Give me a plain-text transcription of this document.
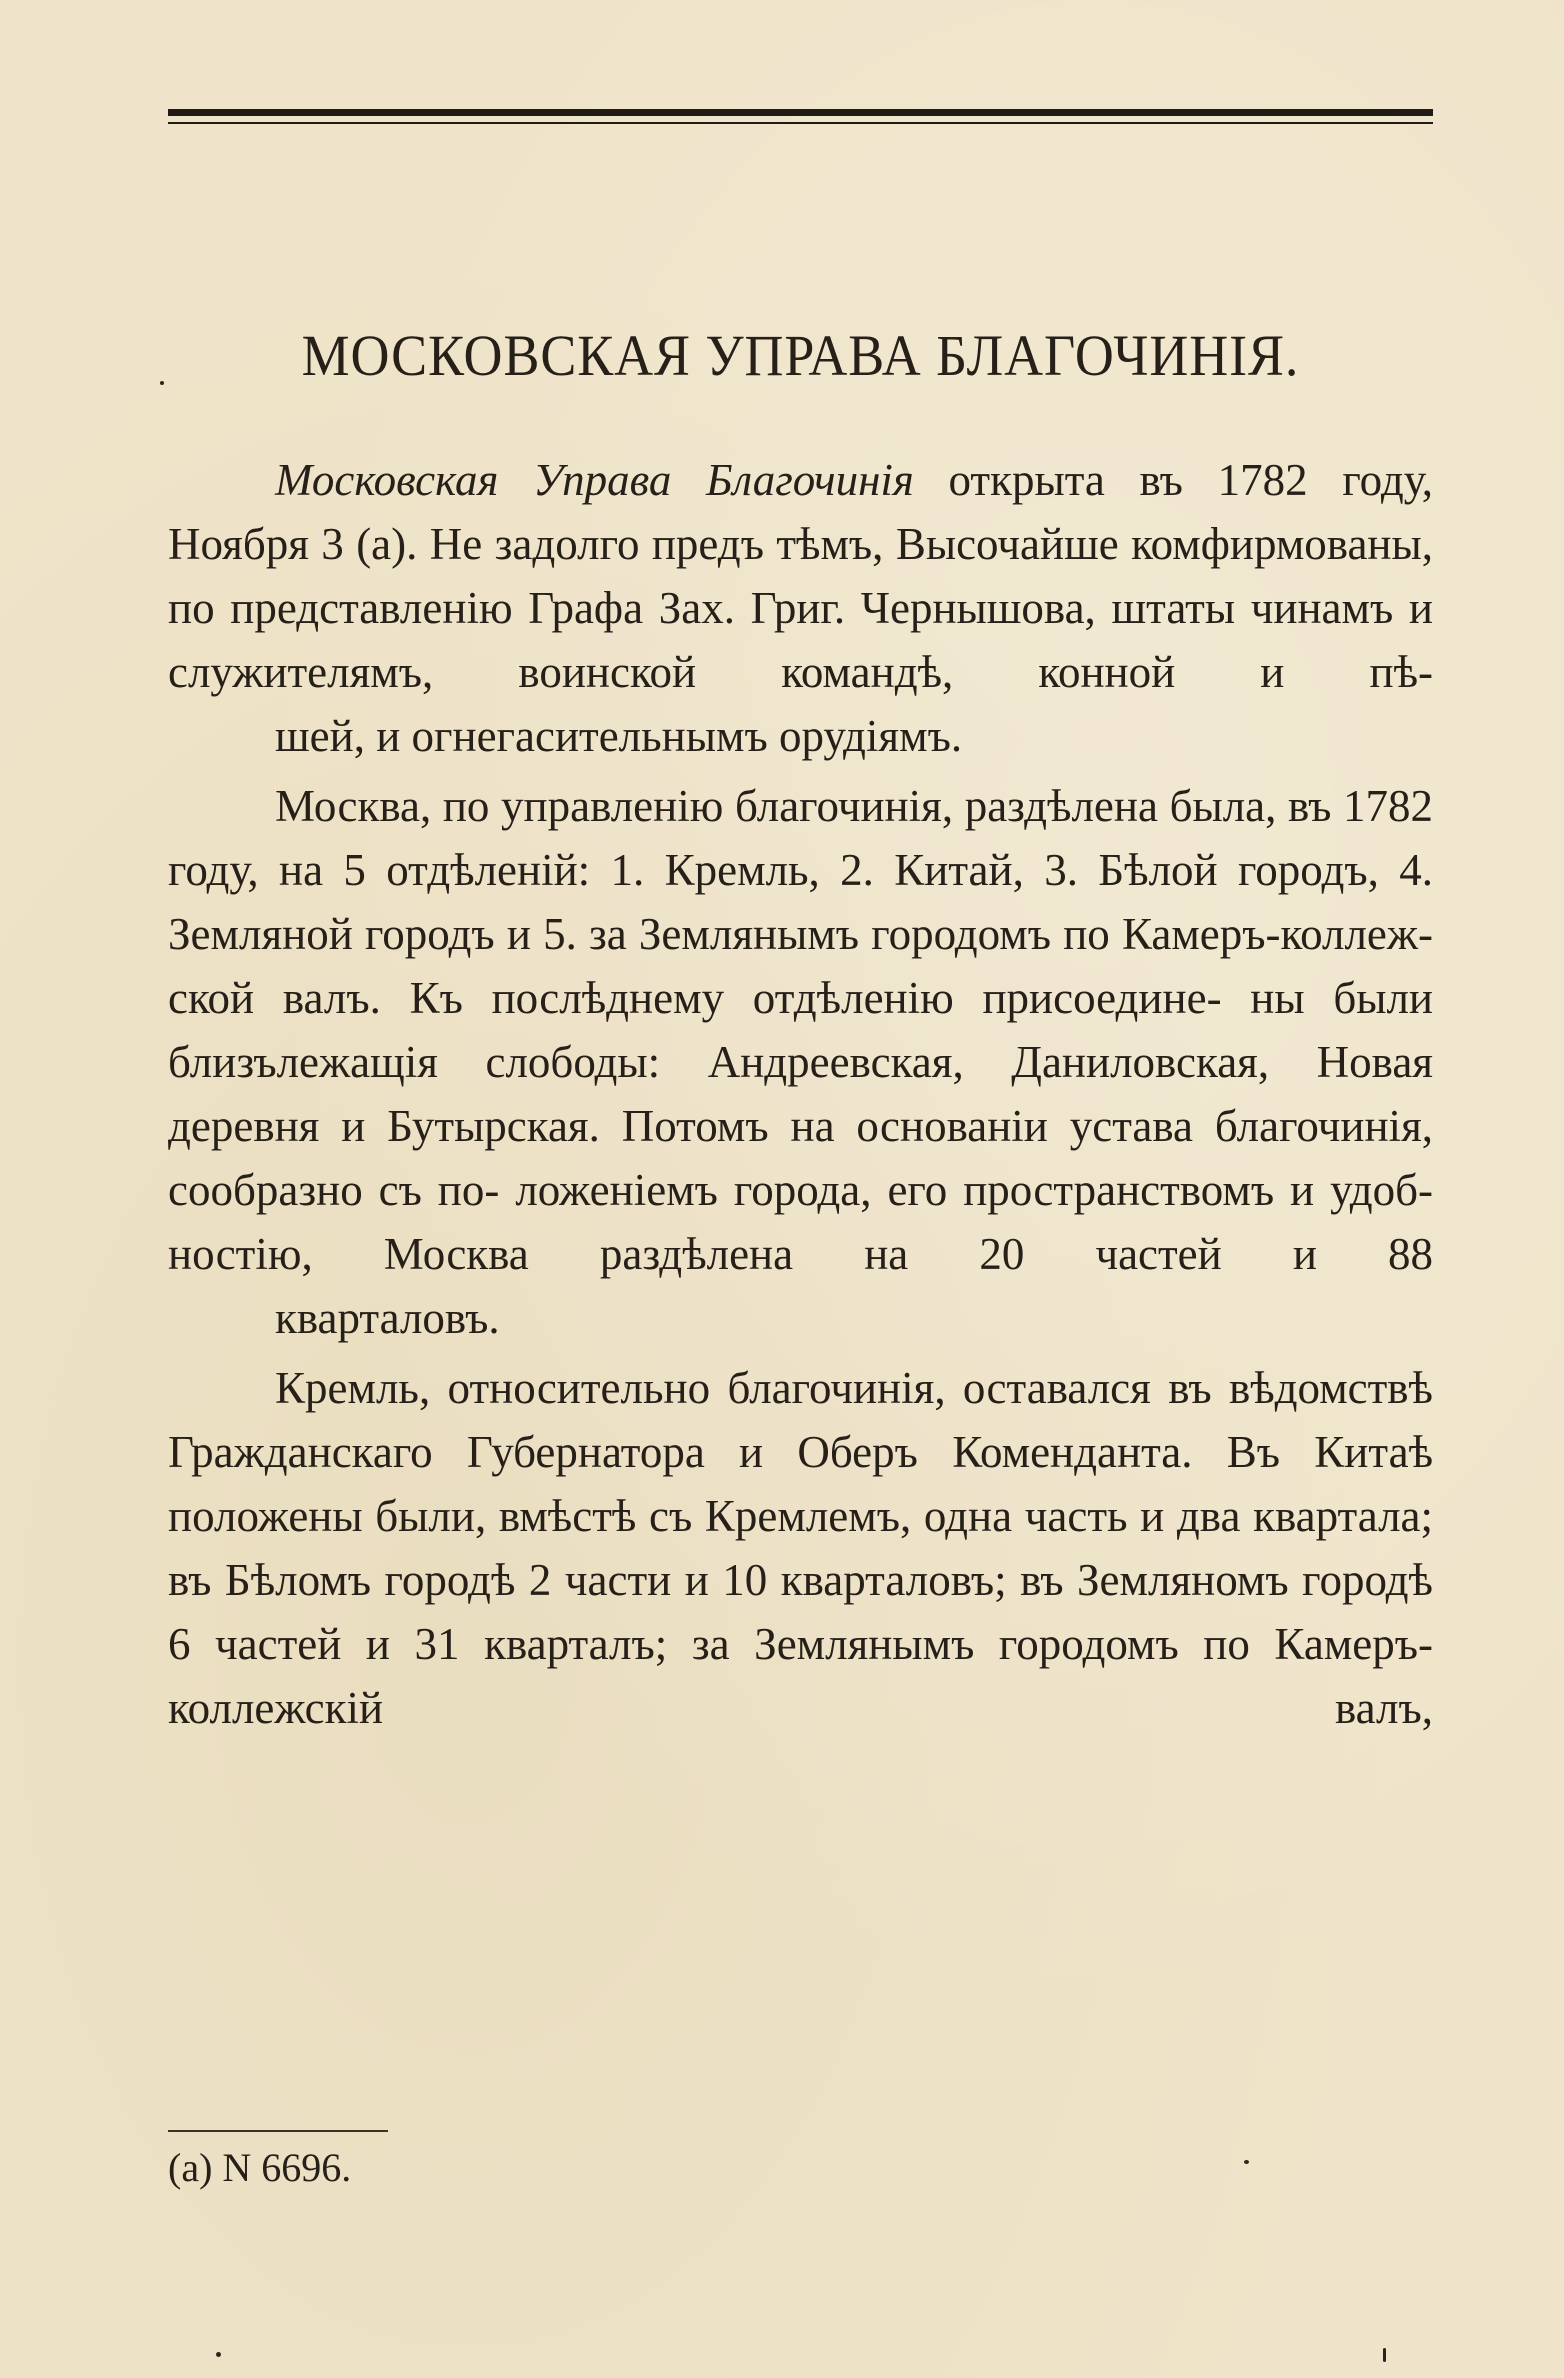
МОСКОВСКАЯ УПРАВА БЛАГОЧИНІЯ.

Московская Управа Благочинія открыта въ 1782 году, Ноября 3 (а). Не задолго предъ тѣмъ, Высочайше комфирмованы, по представленію Графа Зах. Григ. Чернышова, штаты чинамъ и служителямъ, воинской командѣ, конной и пѣ-
шей, и огнегасительнымъ орудіямъ.

Москва, по управленію благочинія, раздѣлена была, въ 1782 году, на 5 отдѣленій: 1. Кремль, 2. Китай, 3. Бѣлой городъ, 4. Земляной городъ и 5. за Землянымъ городомъ по Камеръ-коллеж- ской валъ. Къ послѣднему отдѣленію присоедине- ны были близълежащія слободы: Андреевская, Даниловская, Новая деревня и Бутырская. Потомъ на основаніи устава благочинія, сообразно съ по- ложеніемъ города, его пространствомъ и удоб- ностію, Москва раздѣлена на 20 частей и 88
кварталовъ.

Кремль, относительно благочинія, оставался въ вѣдомствѣ Гражданскаго Губернатора и Оберъ Коменданта. Въ Китаѣ положены были, вмѣстѣ съ Кремлемъ, одна часть и два квартала; въ Бѣломъ городѣ 2 части и 10 кварталовъ; въ Земляномъ городѣ 6 частей и 31 кварталъ; за Землянымъ городомъ по Камеръ-коллежскій валъ,

(а) N 6696.
